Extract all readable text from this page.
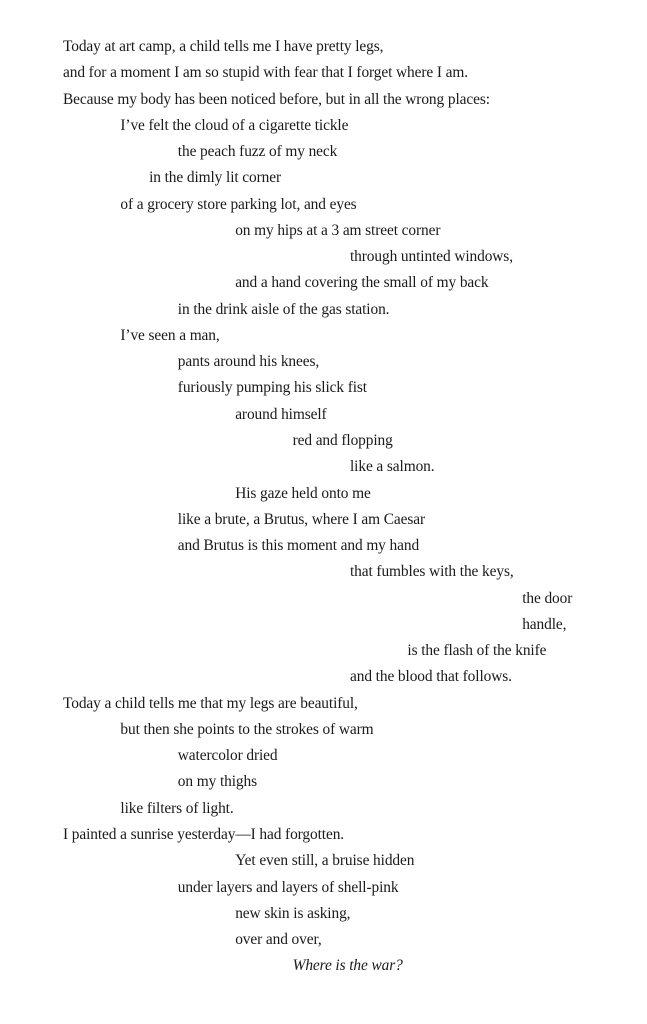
Today at art camp, a child tells me I have pretty legs,
and for a moment I am so stupid with fear that I forget where I am.
Because my body has been noticed before, but in all the wrong places:
I’ve felt the cloud of a cigarette tickle
the peach fuzz of my neck
in the dimly lit corner
of a grocery store parking lot, and eyes
on my hips at a 3 am street corner
through untinted windows,
and a hand covering the small of my back
in the drink aisle of the gas station.
I’ve seen a man,
pants around his knees,
furiously pumping his slick fist
around himself
red and flopping
like a salmon.
His gaze held onto me
like a brute, a Brutus, where I am Caesar
and Brutus is this moment and my hand
that fumbles with the keys,
the door
handle,
is the flash of the knife
and the blood that follows.
Today a child tells me that my legs are beautiful,
but then she points to the strokes of warm
watercolor dried
on my thighs
like filters of light.
I painted a sunrise yesterday—I had forgotten.
Yet even still, a bruise hidden
under layers and layers of shell-pink
new skin is asking,
over and over,
Where is the war?
